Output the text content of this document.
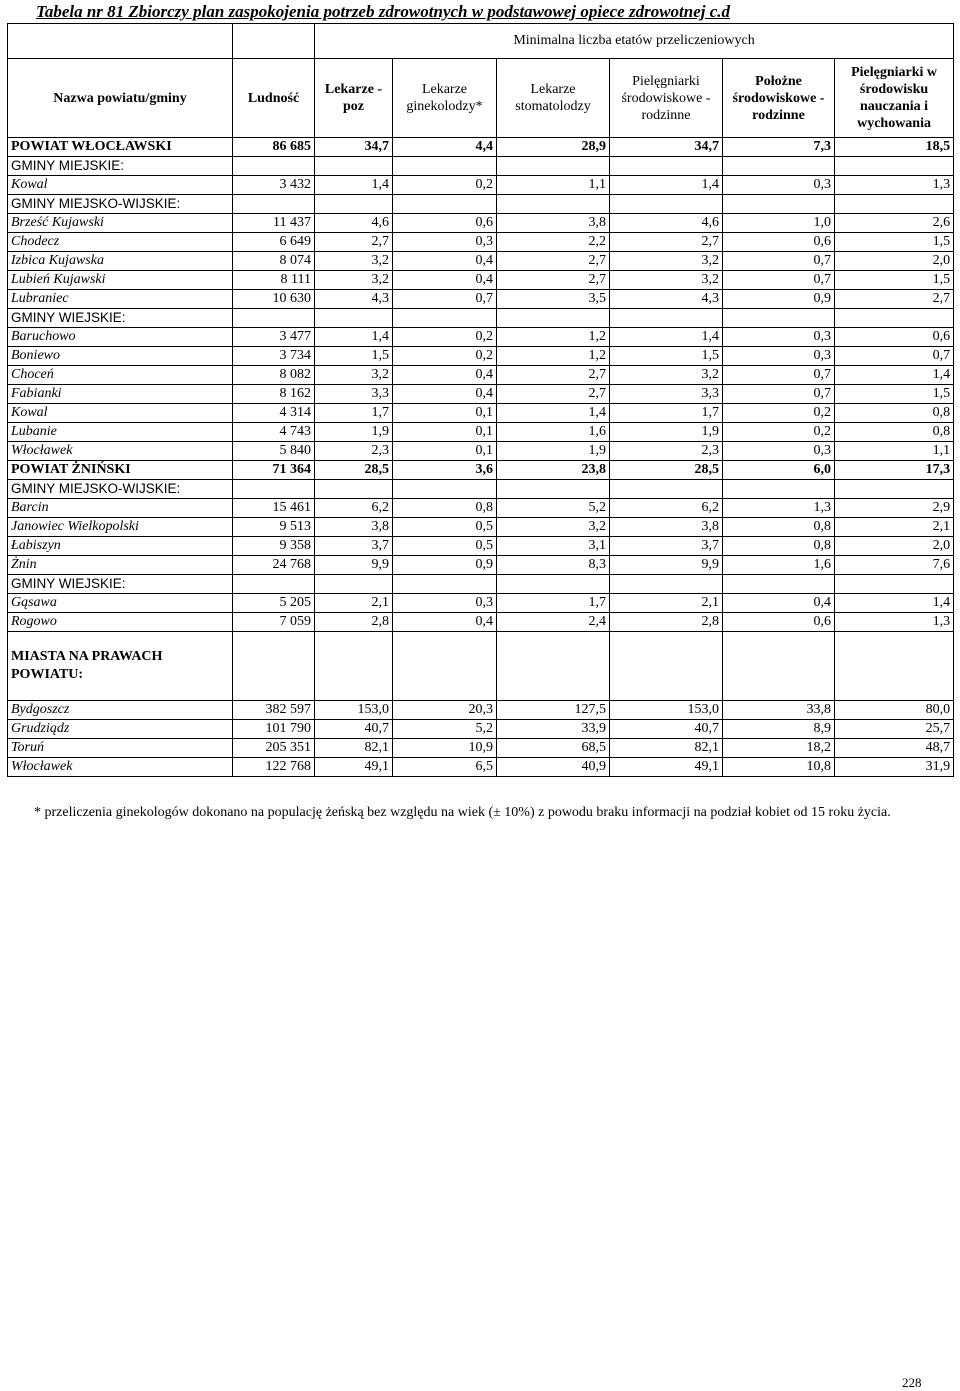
Tabela nr 81 Zbiorczy plan zaspokojenia potrzeb zdrowotnych w podstawowej opiece zdrowotnej c.d
		Minimalna liczba etatów przeliczeniowych					
Nazwa powiatu/gminy	Ludność	Lekarze - poz	Lekarze ginekolodzy*	Lekarze stomatolodzy	Pielęgniarki środowiskowe -rodzinne	Położne środowiskowe - rodzinne	Pielęgniarki w środowisku nauczania i wychowania
POWIAT WŁOCŁAWSKI	86 685	34,7	4,4	28,9	34,7	7,3	18,5
GMINY MIEJSKIE:							
Kowal	3 432	1,4	0,2	1,1	1,4	0,3	1,3
GMINY MIEJSKO-WIJSKIE:							
Brześć Kujawski	11 437	4,6	0,6	3,8	4,6	1,0	2,6
Chodecz	6 649	2,7	0,3	2,2	2,7	0,6	1,5
Izbica Kujawska	8 074	3,2	0,4	2,7	3,2	0,7	2,0
Lubień Kujawski	8 111	3,2	0,4	2,7	3,2	0,7	1,5
Lubraniec	10 630	4,3	0,7	3,5	4,3	0,9	2,7
GMINY WIEJSKIE:							
Baruchowo	3 477	1,4	0,2	1,2	1,4	0,3	0,6
Boniewo	3 734	1,5	0,2	1,2	1,5	0,3	0,7
Choceń	8 082	3,2	0,4	2,7	3,2	0,7	1,4
Fabianki	8 162	3,3	0,4	2,7	3,3	0,7	1,5
Kowal	4 314	1,7	0,1	1,4	1,7	0,2	0,8
Lubanie	4 743	1,9	0,1	1,6	1,9	0,2	0,8
Włocławek	5 840	2,3	0,1	1,9	2,3	0,3	1,1
POWIAT ŻNIŃSKI	71 364	28,5	3,6	23,8	28,5	6,0	17,3
GMINY MIEJSKO-WIJSKIE:							
Barcin	15 461	6,2	0,8	5,2	6,2	1,3	2,9
Janowiec Wielkopolski	9 513	3,8	0,5	3,2	3,8	0,8	2,1
Łabiszyn	9 358	3,7	0,5	3,1	3,7	0,8	2,0
Żnin	24 768	9,9	0,9	8,3	9,9	1,6	7,6
GMINY WIEJSKIE:							
Gąsawa	5 205	2,1	0,3	1,7	2,1	0,4	1,4
Rogowo	7 059	2,8	0,4	2,4	2,8	0,6	1,3
MIASTA NA PRAWACH POWIATU:							
Bydgoszcz	382 597	153,0	20,3	127,5	153,0	33,8	80,0
Grudziądz	101 790	40,7	5,2	33,9	40,7	8,9	25,7
Toruń	205 351	82,1	10,9	68,5	82,1	18,2	48,7
Włocławek	122 768	49,1	6,5	40,9	49,1	10,8	31,9
* przeliczenia ginekologów dokonano na populację żeńską bez względu na wiek (± 10%) z powodu braku informacji na podział kobiet od 15 roku życia.
228
